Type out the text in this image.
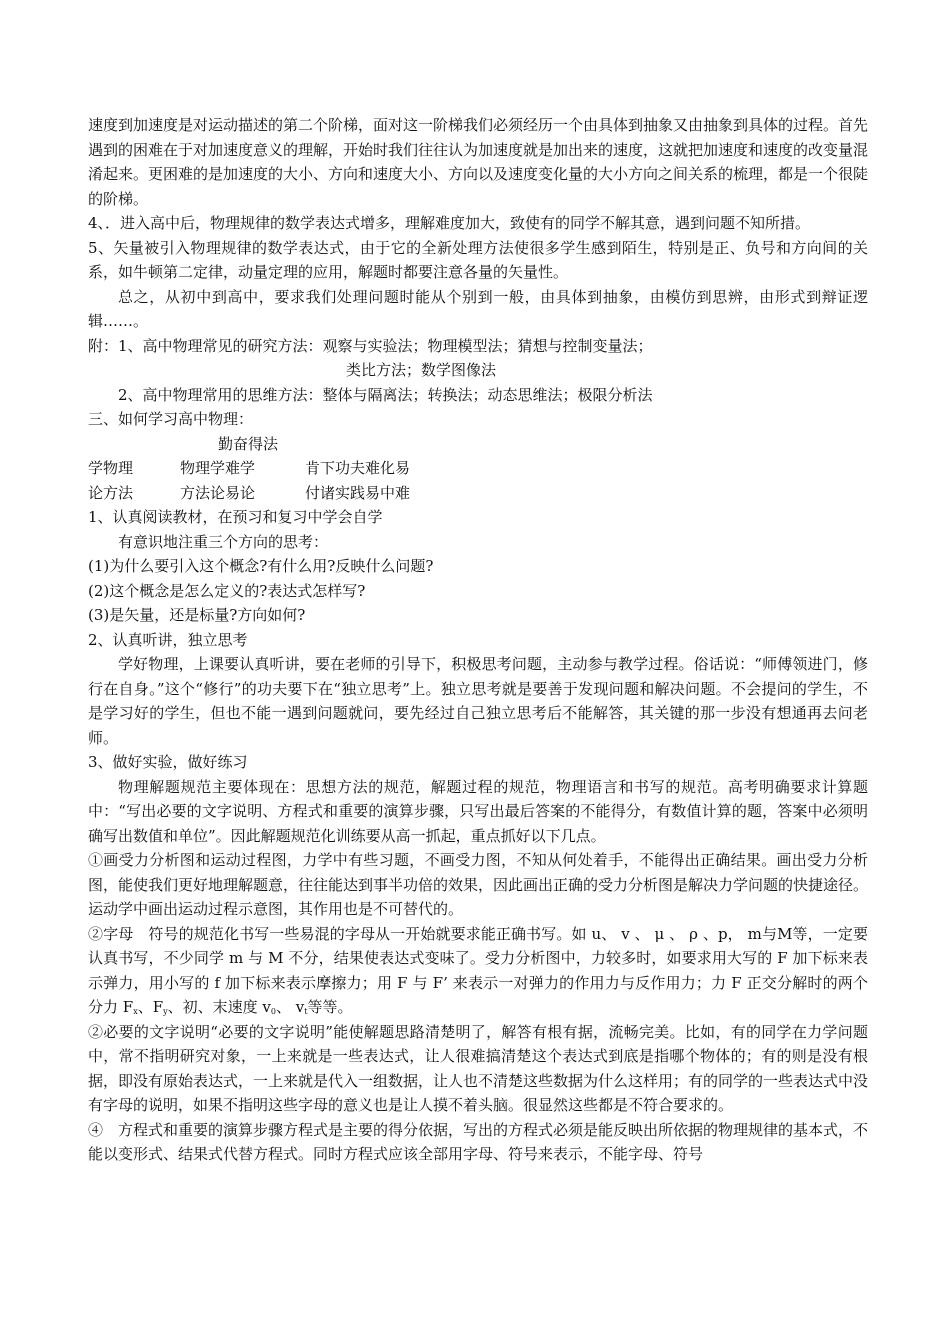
速度到加速度是对运动描述的第二个阶梯，面对这一阶梯我们必须经历一个由具体到抽象又由抽象到具体的过程。首先遇到的困难在于对加速度意义的理解，开始时我们往往认为加速度就是加出来的速度，这就把加速度和速度的改变量混淆起来。更困难的是加速度的大小、方向和速度大小、方向以及速度变化量的大小方向之间关系的梳理，都是一个很陡的阶梯。

4、．进入高中后，物理规律的数学表达式增多，理解难度加大，致使有的同学不解其意，遇到问题不知所措。

5、矢量被引入物理规律的数学表达式，由于它的全新处理方法使很多学生感到陌生，特别是正、负号和方向间的关系，如牛顿第二定律，动量定理的应用，解题时都要注意各量的矢量性。

总之，从初中到高中，要求我们处理问题时能从个别到一般，由具体到抽象，由模仿到思辨，由形式到辩证逻辑……。

附：1、高中物理常见的研究方法：观察与实验法；物理模型法；猜想与控制变量法；

类比方法；数学图像法

2、高中物理常用的思维方法：整体与隔离法；转换法；动态思维法；极限分析法

三、如何学习高中物理：

勤奋得法

学物理	物理学难学	肯下功夫难化易
论方法	方法论易论	付诸实践易中难

1、认真阅读教材，在预习和复习中学会自学

有意识地注重三个方向的思考：

(1)为什么要引入这个概念?有什么用?反映什么问题?

(2)这个概念是怎么定义的?表达式怎样写?

(3)是矢量，还是标量?方向如何?

2、认真听讲，独立思考

学好物理，上课要认真听讲，要在老师的引导下，积极思考问题，主动参与教学过程。俗话说：“师傅领进门，修行在自身。”这个“修行”的功夫要下在“独立思考”上。独立思考就是要善于发现问题和解决问题。不会提问的学生，不是学习好的学生，但也不能一遇到问题就问，要先经过自己独立思考后不能解答，其关键的那一步没有想通再去问老师。

3、做好实验，做好练习

物理解题规范主要体现在：思想方法的规范，解题过程的规范，物理语言和书写的规范。高考明确要求计算题中：“写出必要的文字说明、方程式和重要的演算步骤，只写出最后答案的不能得分，有数值计算的题，答案中必须明确写出数值和单位”。因此解题规范化训练要从高一抓起，重点抓好以下几点。

①画受力分析图和运动过程图，力学中有些习题，不画受力图，不知从何处着手，不能得出正确结果。画出受力分析图，能使我们更好地理解题意，往往能达到事半功倍的效果，因此画出正确的受力分析图是解决力学问题的快捷途径。运动学中画出运动过程示意图，其作用也是不可替代的。

②字母　符号的规范化书写一些易混的字母从一开始就要求能正确书写。如 u、 v 、 μ 、 ρ 、p， m与M等，一定要认真书写，不少同学 m 与 M 不分，结果使表达式变味了。受力分析图中，力较多时，如要求用大写的 F 加下标来表示弹力，用小写的 f 加下标来表示摩擦力；用 F 与 F’ 来表示一对弹力的作用力与反作用力；力 F 正交分解时的两个分力 $F_x$、$F_y$、初、末速度 $v_0$、 $v_t$等等。

②必要的文字说明“必要的文字说明”能使解题思路清楚明了，解答有根有据，流畅完美。比如，有的同学在力学问题中，常不指明研究对象，一上来就是一些表达式，让人很难搞清楚这个表达式到底是指哪个物体的；有的则是没有根据，即没有原始表达式，一上来就是代入一组数据，让人也不清楚这些数据为什么这样用；有的同学的一些表达式中没有字母的说明，如果不指明这些字母的意义也是让人摸不着头脑。很显然这些都是不符合要求的。

④　方程式和重要的演算步骤方程式是主要的得分依据，写出的方程式必须是能反映出所依据的物理规律的基本式，不能以变形式、结果式代替方程式。同时方程式应该全部用字母、符号来表示，不能字母、符号
